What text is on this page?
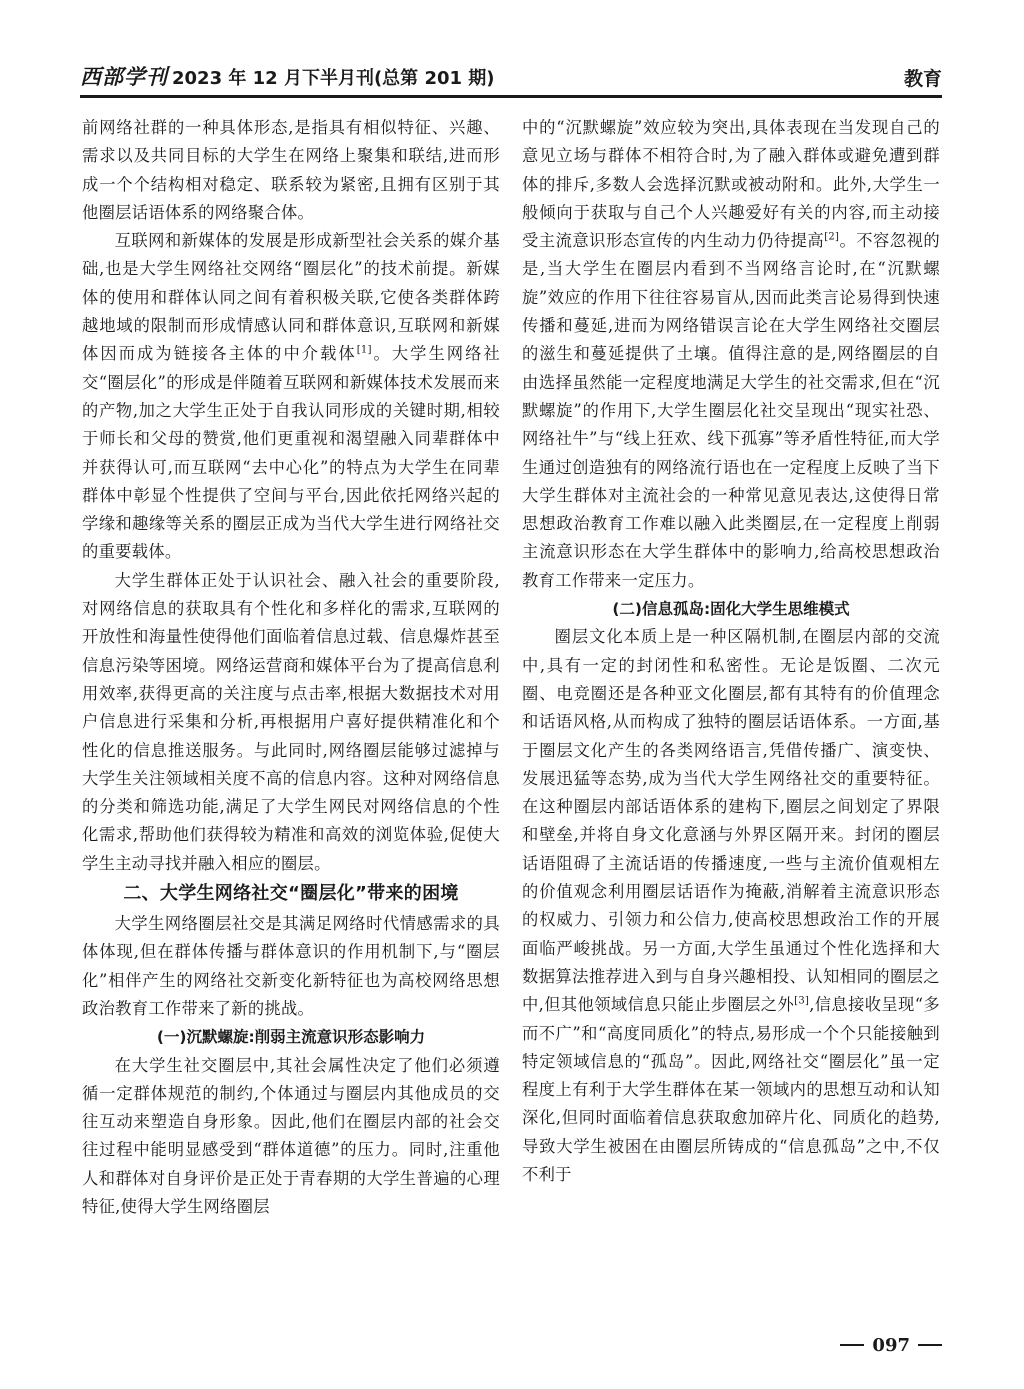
西部学刊 2023 年 12 月下半月刊(总第 201 期)	教育

前网络社群的一种具体形态,是指具有相似特征、兴趣、需求以及共同目标的大学生在网络上聚集和联结,进而形成一个个结构相对稳定、联系较为紧密,且拥有区别于其他圈层话语体系的网络聚合体。

互联网和新媒体的发展是形成新型社会关系的媒介基础,也是大学生网络社交网络“圈层化”的技术前提。新媒体的使用和群体认同之间有着积极关联,它使各类群体跨越地域的限制而形成情感认同和群体意识,互联网和新媒体因而成为链接各主体的中介载体[1]。大学生网络社交“圈层化”的形成是伴随着互联网和新媒体技术发展而来的产物,加之大学生正处于自我认同形成的关键时期,相较于师长和父母的赞赏,他们更重视和渴望融入同辈群体中并获得认可,而互联网“去中心化”的特点为大学生在同辈群体中彰显个性提供了空间与平台,因此依托网络兴起的学缘和趣缘等关系的圈层正成为当代大学生进行网络社交的重要载体。

大学生群体正处于认识社会、融入社会的重要阶段,对网络信息的获取具有个性化和多样化的需求,互联网的开放性和海量性使得他们面临着信息过载、信息爆炸甚至信息污染等困境。网络运营商和媒体平台为了提高信息利用效率,获得更高的关注度与点击率,根据大数据技术对用户信息进行采集和分析,再根据用户喜好提供精准化和个性化的信息推送服务。与此同时,网络圈层能够过滤掉与大学生关注领域相关度不高的信息内容。这种对网络信息的分类和筛选功能,满足了大学生网民对网络信息的个性化需求,帮助他们获得较为精准和高效的浏览体验,促使大学生主动寻找并融入相应的圈层。

二、大学生网络社交“圈层化”带来的困境

大学生网络圈层社交是其满足网络时代情感需求的具体体现,但在群体传播与群体意识的作用机制下,与“圈层化”相伴产生的网络社交新变化新特征也为高校网络思想政治教育工作带来了新的挑战。

(一)沉默螺旋:削弱主流意识形态影响力

在大学生社交圈层中,其社会属性决定了他们必须遵循一定群体规范的制约,个体通过与圈层内其他成员的交往互动来塑造自身形象。因此,他们在圈层内部的社会交往过程中能明显感受到“群体道德”的压力。同时,注重他人和群体对自身评价是正处于青春期的大学生普遍的心理特征,使得大学生网络圈层

中的“沉默螺旋”效应较为突出,具体表现在当发现自己的意见立场与群体不相符合时,为了融入群体或避免遭到群体的排斥,多数人会选择沉默或被动附和。此外,大学生一般倾向于获取与自己个人兴趣爱好有关的内容,而主动接受主流意识形态宣传的内生动力仍待提高[2]。不容忽视的是,当大学生在圈层内看到不当网络言论时,在“沉默螺旋”效应的作用下往往容易盲从,因而此类言论易得到快速传播和蔓延,进而为网络错误言论在大学生网络社交圈层的滋生和蔓延提供了土壤。值得注意的是,网络圈层的自由选择虽然能一定程度地满足大学生的社交需求,但在“沉默螺旋”的作用下,大学生圈层化社交呈现出“现实社恐、网络社牛”与“线上狂欢、线下孤寡”等矛盾性特征,而大学生通过创造独有的网络流行语也在一定程度上反映了当下大学生群体对主流社会的一种常见意见表达,这使得日常思想政治教育工作难以融入此类圈层,在一定程度上削弱主流意识形态在大学生群体中的影响力,给高校思想政治教育工作带来一定压力。

(二)信息孤岛:固化大学生思维模式

圈层文化本质上是一种区隔机制,在圈层内部的交流中,具有一定的封闭性和私密性。无论是饭圈、二次元圈、电竞圈还是各种亚文化圈层,都有其特有的价值理念和话语风格,从而构成了独特的圈层话语体系。一方面,基于圈层文化产生的各类网络语言,凭借传播广、演变快、发展迅猛等态势,成为当代大学生网络社交的重要特征。在这种圈层内部话语体系的建构下,圈层之间划定了界限和壁垒,并将自身文化意涵与外界区隔开来。封闭的圈层话语阻碍了主流话语的传播速度,一些与主流价值观相左的价值观念利用圈层话语作为掩蔽,消解着主流意识形态的权威力、引领力和公信力,使高校思想政治工作的开展面临严峻挑战。另一方面,大学生虽通过个性化选择和大数据算法推荐进入到与自身兴趣相投、认知相同的圈层之中,但其他领域信息只能止步圈层之外[3],信息接收呈现“多而不广”和“高度同质化”的特点,易形成一个个只能接触到特定领域信息的“孤岛”。因此,网络社交“圈层化”虽一定程度上有利于大学生群体在某一领域内的思想互动和认知深化,但同时面临着信息获取愈加碎片化、同质化的趋势,导致大学生被困在由圈层所铸成的“信息孤岛”之中,不仅不利于

097
